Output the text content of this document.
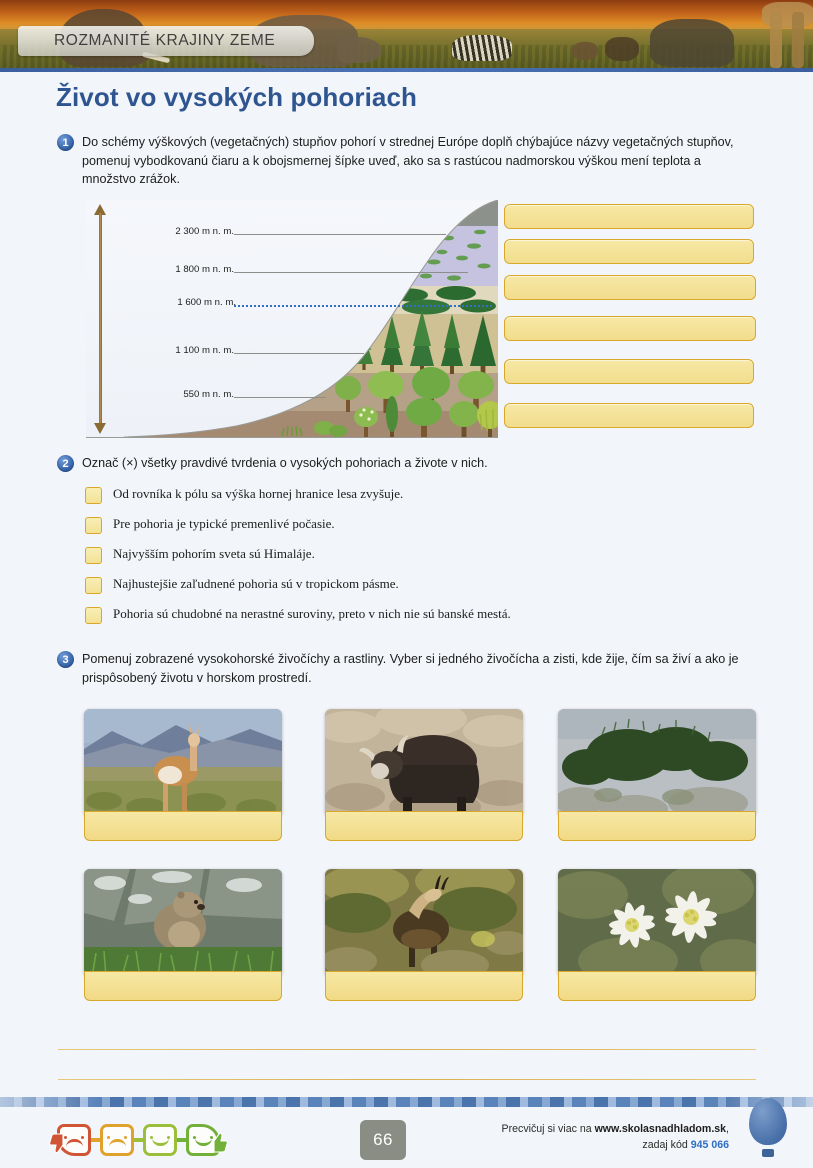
ROZMANITÉ KRAJINY ZEME
Život vo vysokých pohoriach
1	Do schémy výškových (vegetačných) stupňov pohorí v strednej Európe doplň chýbajúce názvy vegetačných stupňov, pomenuj vybodkovanú čiaru a k obojsmernej šípke uveď, ako sa s rastúcou nadmorskou výškou mení teplota a množstvo zrážok.
2 300 m n. m.
1 800 m n. m.
1 600 m n. m.
1 100 m n. m.
550 m n. m.
2	Označ (×) všetky pravdivé tvrdenia o vysokých pohoriach a živote v nich.
Od rovníka k pólu sa výška hornej hranice lesa zvyšuje.
Pre pohoria je typické premenlivé počasie.
Najvyšším pohorím sveta sú Himaláje.
Najhustejšie zaľudnené pohoria sú v tropickom pásme.
Pohoria sú chudobné na nerastné suroviny, preto v nich nie sú banské mestá.
3	Pomenuj zobrazené vysokohorské živočíchy a rastliny. Vyber si jedného živočícha a zisti, kde žije, čím sa živí a ako je prispôsobený životu v horskom prostredí.
66
Precvičuj si viac na www.skolasnadhladom.sk,
zadaj kód 945 066
